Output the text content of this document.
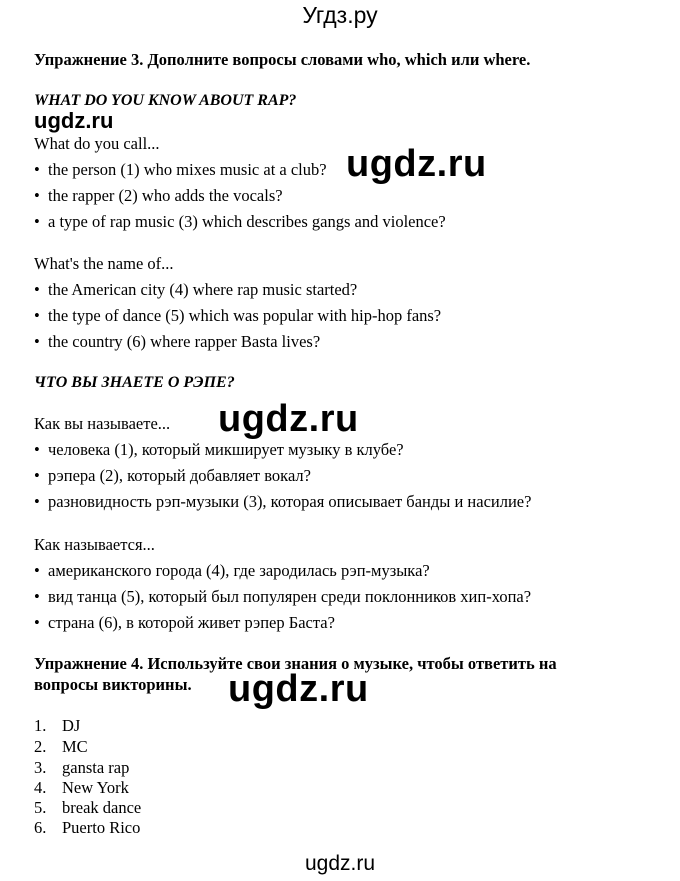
Угдз.ру
Упражнение 3. Дополните вопросы словами who, which или where.
WHAT DO YOU KNOW ABOUT RAP?
ugdz.ru
What do you call...
• the person (1) who mixes music at a club?
• the rapper (2) who adds the vocals?
• a type of rap music (3) which describes gangs and violence?
ugdz.ru
What's the name of...
• the American city (4) where rap music started?
• the type of dance (5) which was popular with hip-hop fans?
• the country (6) where rapper Basta lives?
ЧТО ВЫ ЗНАЕТЕ О РЭПЕ?
Как вы называете... ugdz.ru
• человека (1), который микширует музыку в клубе?
• рэпера (2), который добавляет вокал?
• разновидность рэп-музыки (3), которая описывает банды и насилие?
Как называется...
• американского города (4), где зародилась рэп-музыка?
• вид танца (5), который был популярен среди поклонников хип-хопа?
• страна (6), в которой живет рэпер Баста?
Упражнение 4. Используйте свои знания о музыке, чтобы ответить на
вопросы викторины. ugdz.ru
1. DJ
2. MC
3. gansta rap
4. New York
5. break dance
6. Puerto Rico
ugdz.ru
